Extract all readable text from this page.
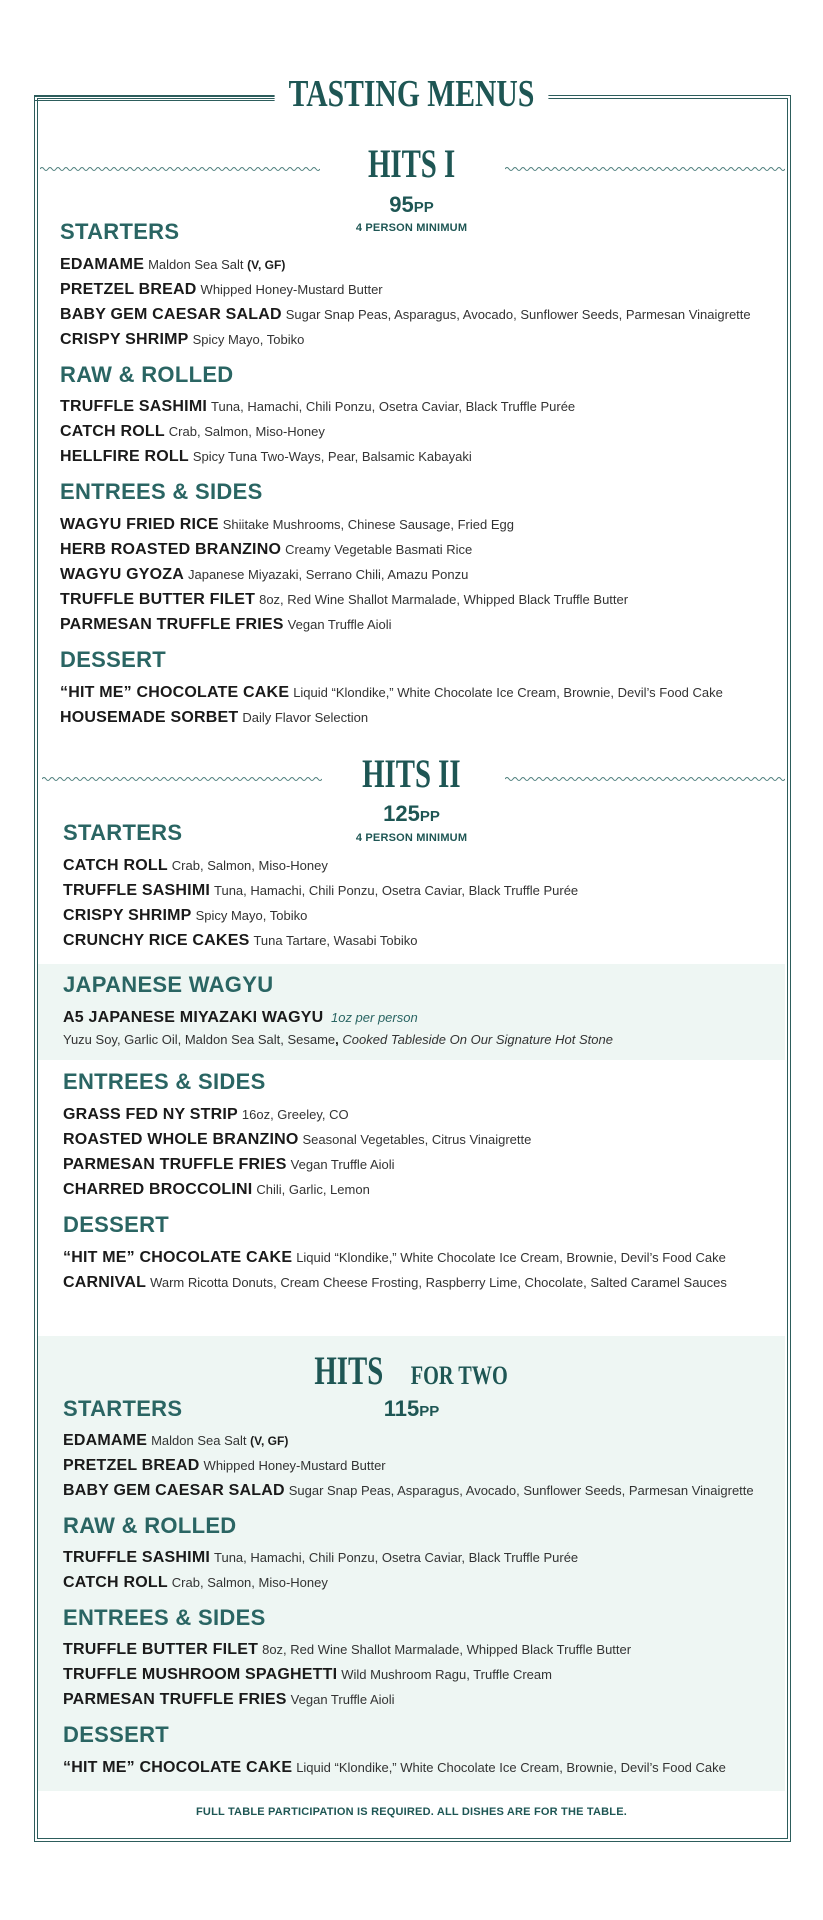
TASTING MENUS
HITS I
95PP
4 PERSON MINIMUM
STARTERS
EDAMAME Maldon Sea Salt (V, GF)
PRETZEL BREAD Whipped Honey-Mustard Butter
BABY GEM CAESAR SALAD Sugar Snap Peas, Asparagus, Avocado, Sunflower Seeds, Parmesan Vinaigrette
CRISPY SHRIMP Spicy Mayo, Tobiko
RAW & ROLLED
TRUFFLE SASHIMI Tuna, Hamachi, Chili Ponzu, Osetra Caviar, Black Truffle Purée
CATCH ROLL Crab, Salmon, Miso-Honey
HELLFIRE ROLL Spicy Tuna Two-Ways, Pear, Balsamic Kabayaki
ENTREES & SIDES
WAGYU FRIED RICE Shiitake Mushrooms, Chinese Sausage, Fried Egg
HERB ROASTED BRANZINO Creamy Vegetable Basmati Rice
WAGYU GYOZA Japanese Miyazaki, Serrano Chili, Amazu Ponzu
TRUFFLE BUTTER FILET 8oz, Red Wine Shallot Marmalade, Whipped Black Truffle Butter
PARMESAN TRUFFLE FRIES Vegan Truffle Aioli
DESSERT
“HIT ME” CHOCOLATE CAKE Liquid “Klondike,” White Chocolate Ice Cream, Brownie, Devil’s Food Cake
HOUSEMADE SORBET Daily Flavor Selection
HITS II
125PP
4 PERSON MINIMUM
STARTERS
CATCH ROLL Crab, Salmon, Miso-Honey
TRUFFLE SASHIMI Tuna, Hamachi, Chili Ponzu, Osetra Caviar, Black Truffle Purée
CRISPY SHRIMP Spicy Mayo, Tobiko
CRUNCHY RICE CAKES Tuna Tartare, Wasabi Tobiko
JAPANESE WAGYU
A5 JAPANESE MIYAZAKI WAGYU 1oz per person
Yuzu Soy, Garlic Oil, Maldon Sea Salt, Sesame, Cooked Tableside On Our Signature Hot Stone
ENTREES & SIDES
GRASS FED NY STRIP 16oz, Greeley, CO
ROASTED WHOLE BRANZINO Seasonal Vegetables, Citrus Vinaigrette
PARMESAN TRUFFLE FRIES Vegan Truffle Aioli
CHARRED BROCCOLINI Chili, Garlic, Lemon
DESSERT
“HIT ME” CHOCOLATE CAKE Liquid “Klondike,” White Chocolate Ice Cream, Brownie, Devil’s Food Cake
CARNIVAL Warm Ricotta Donuts, Cream Cheese Frosting, Raspberry Lime, Chocolate, Salted Caramel Sauces
HITS FOR TWO
115PP
STARTERS
EDAMAME Maldon Sea Salt (V, GF)
PRETZEL BREAD Whipped Honey-Mustard Butter
BABY GEM CAESAR SALAD Sugar Snap Peas, Asparagus, Avocado, Sunflower Seeds, Parmesan Vinaigrette
RAW & ROLLED
TRUFFLE SASHIMI Tuna, Hamachi, Chili Ponzu, Osetra Caviar, Black Truffle Purée
CATCH ROLL Crab, Salmon, Miso-Honey
ENTREES & SIDES
TRUFFLE BUTTER FILET 8oz, Red Wine Shallot Marmalade, Whipped Black Truffle Butter
TRUFFLE MUSHROOM SPAGHETTI Wild Mushroom Ragu, Truffle Cream
PARMESAN TRUFFLE FRIES Vegan Truffle Aioli
DESSERT
“HIT ME” CHOCOLATE CAKE Liquid “Klondike,” White Chocolate Ice Cream, Brownie, Devil’s Food Cake
FULL TABLE PARTICIPATION IS REQUIRED. ALL DISHES ARE FOR THE TABLE.
